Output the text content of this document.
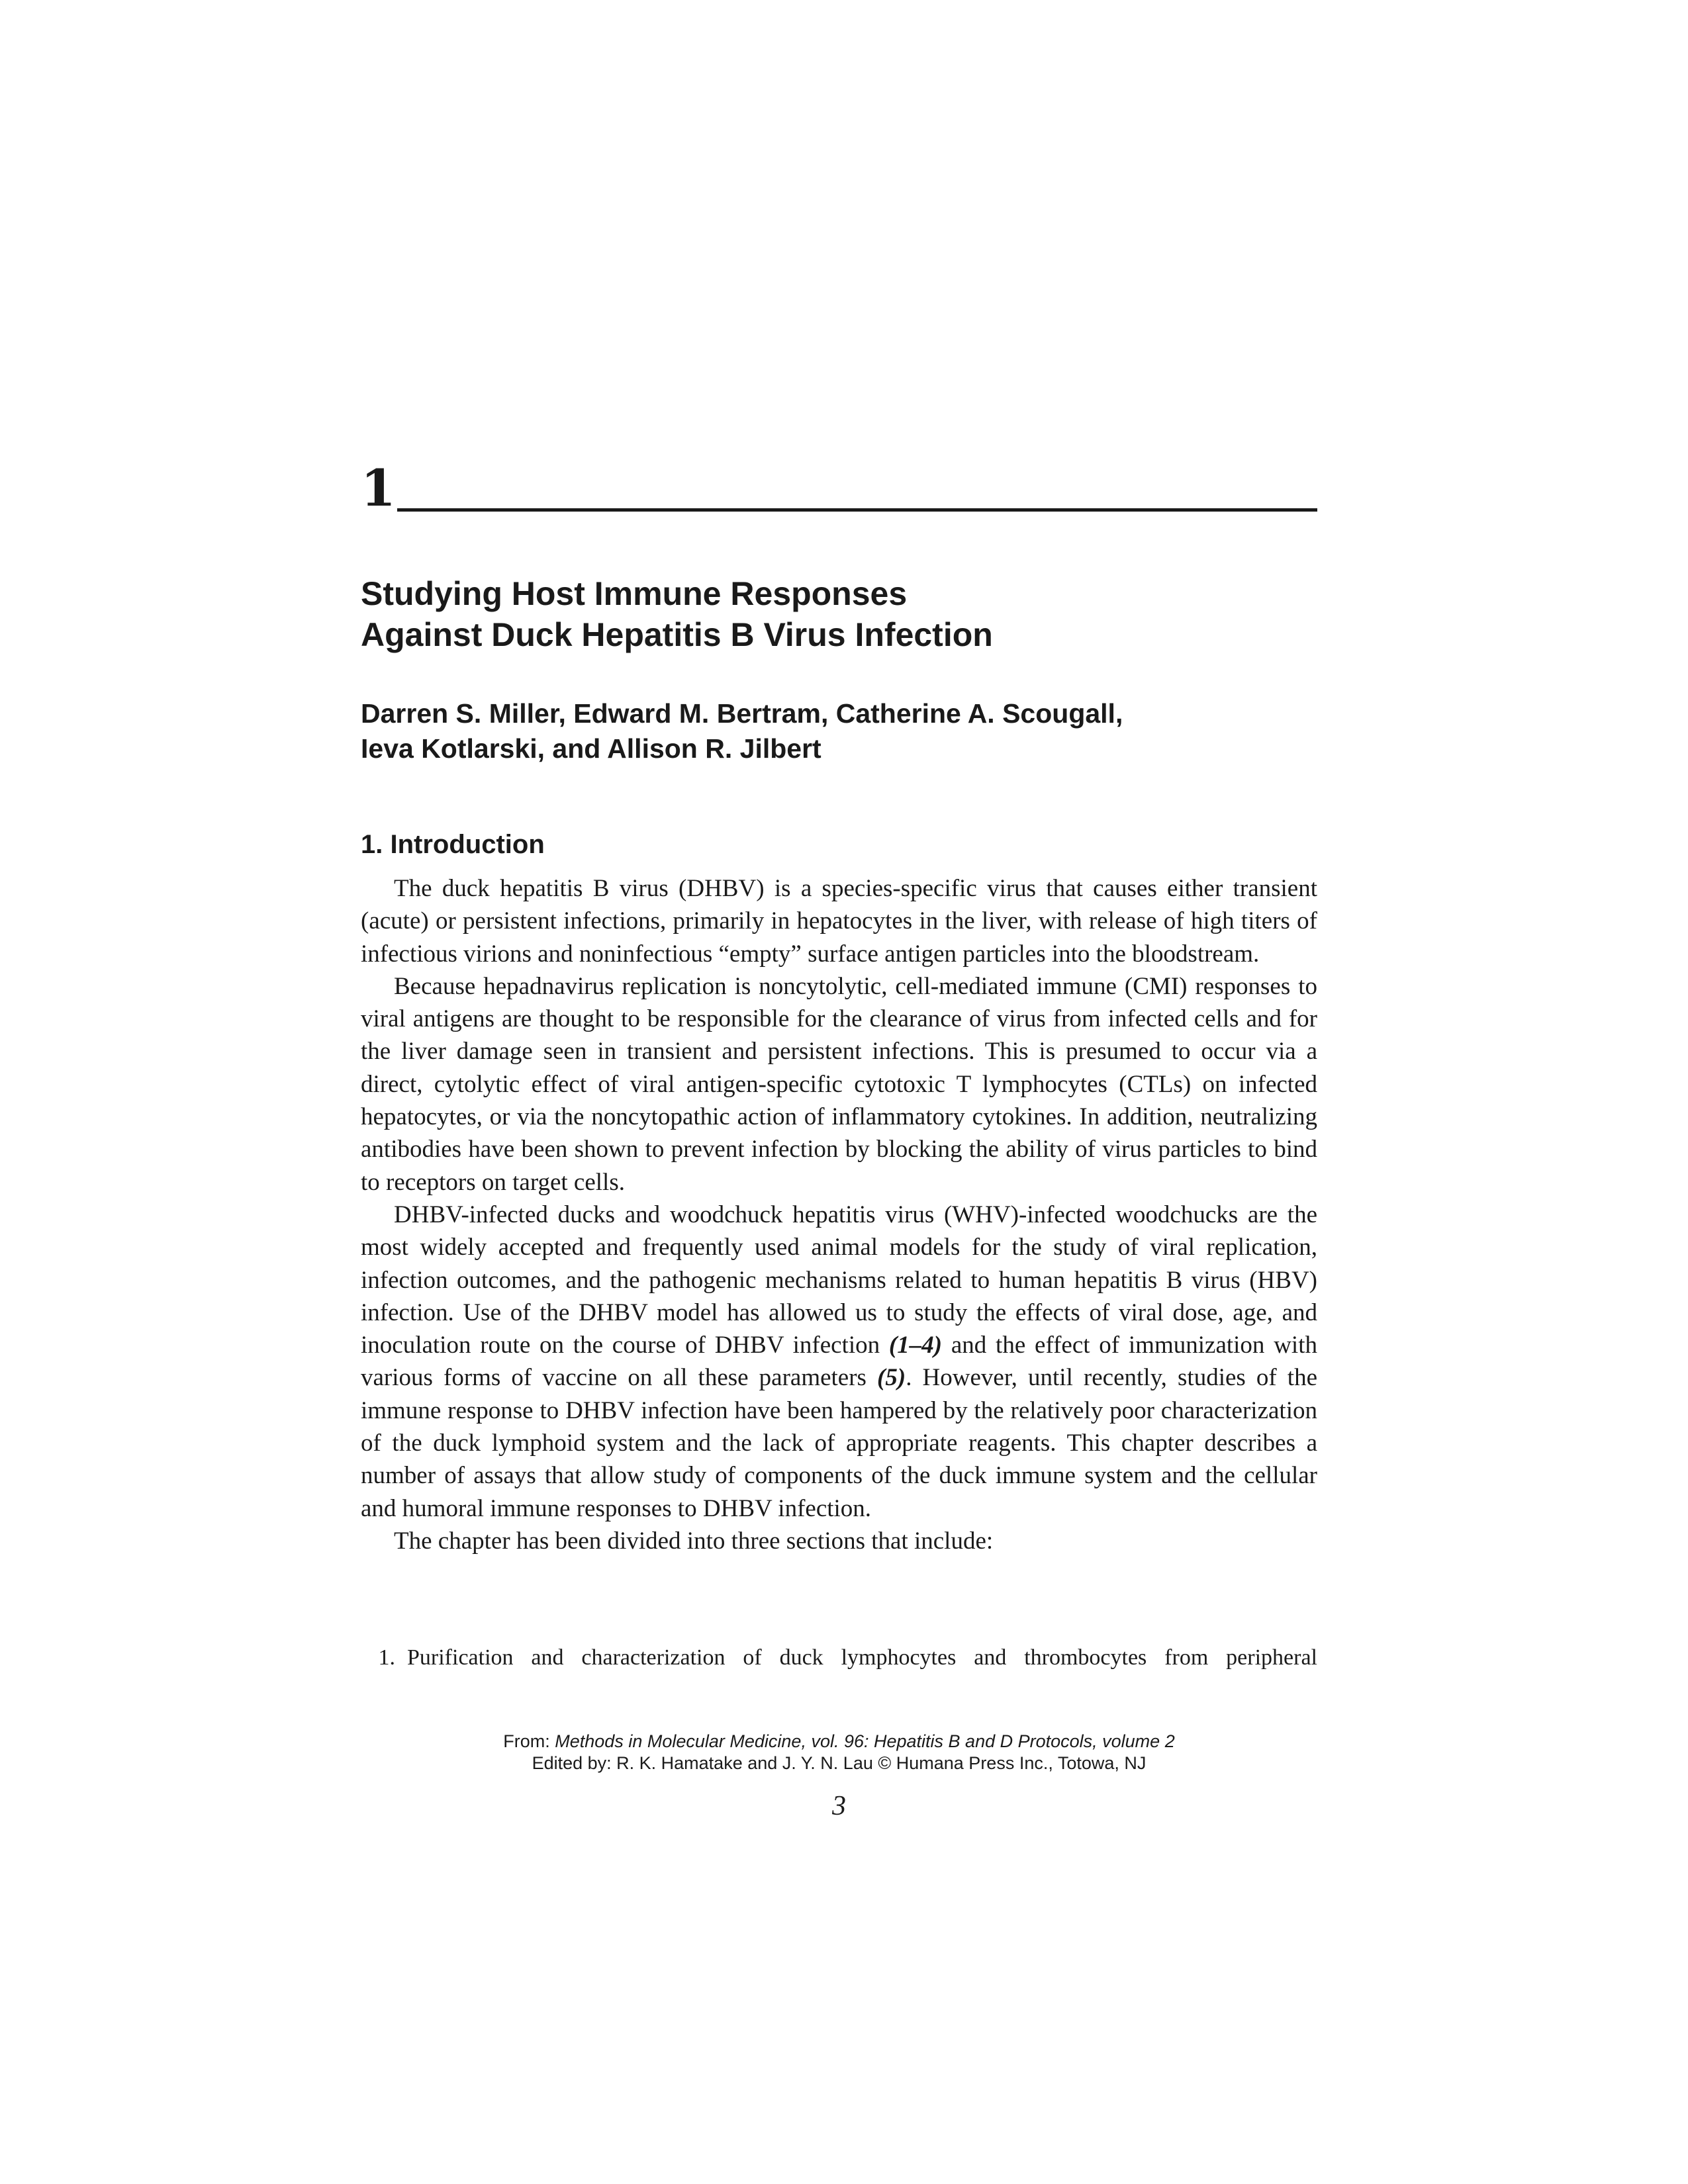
1
Studying Host Immune Responses
Against Duck Hepatitis B Virus Infection
Darren S. Miller, Edward M. Bertram, Catherine A. Scougall,
Ieva Kotlarski, and Allison R. Jilbert
1. Introduction

The duck hepatitis B virus (DHBV) is a species-specific virus that causes either transient (acute) or persistent infections, primarily in hepatocytes in the liver, with release of high titers of infectious virions and noninfectious “empty” surface antigen particles into the bloodstream.

Because hepadnavirus replication is noncytolytic, cell-mediated immune (CMI) responses to viral antigens are thought to be responsible for the clearance of virus from infected cells and for the liver damage seen in transient and persistent infections. This is presumed to occur via a direct, cytolytic effect of viral antigen-specific cytotoxic T lymphocytes (CTLs) on infected hepatocytes, or via the noncytopathic action of inflammatory cytokines. In addition, neutralizing antibodies have been shown to prevent infection by blocking the ability of virus particles to bind to receptors on target cells.

DHBV-infected ducks and woodchuck hepatitis virus (WHV)-infected woodchucks are the most widely accepted and frequently used animal models for the study of viral replication, infection outcomes, and the pathogenic mechanisms related to human hepatitis B virus (HBV) infection. Use of the DHBV model has allowed us to study the effects of viral dose, age, and inoculation route on the course of DHBV infection (1–4) and the effect of immunization with various forms of vaccine on all these parameters (5). However, until recently, studies of the immune response to DHBV infection have been hampered by the relatively poor characterization of the duck lymphoid system and the lack of appropriate reagents. This chapter describes a number of assays that allow study of components of the duck immune system and the cellular and humoral immune responses to DHBV infection.

The chapter has been divided into three sections that include:

1. Purification and characterization of duck lymphocytes and thrombocytes from peripheral
From: Methods in Molecular Medicine, vol. 96: Hepatitis B and D Protocols, volume 2
Edited by: R. K. Hamatake and J. Y. N. Lau © Humana Press Inc., Totowa, NJ
3
